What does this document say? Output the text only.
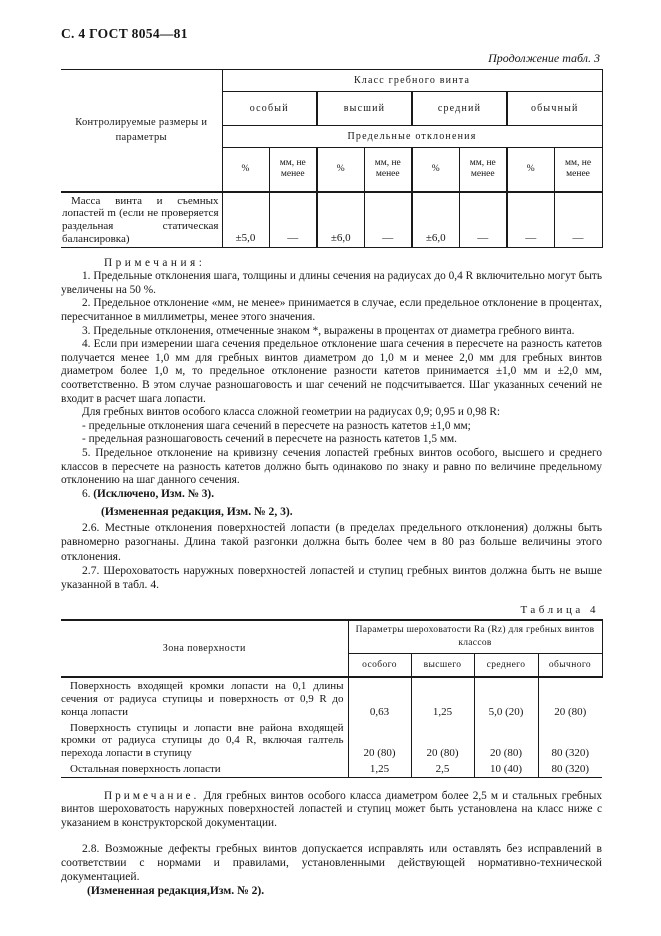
С. 4 ГОСТ 8054—81
Продолжение табл. 3
Контролируемые размеры и параметры	Класс гребного винта							
	особый		высший		средний		обычный	
	Предельные отклонения							
	%	мм, не менее	%	мм, не менее	%	мм, не менее	%	мм, не менее
Масса винта и съемных лопастей m (если не проверяется раздельная статическая балансировка)	±5,0	—	±6,0	—	±6,0	—	—	—
Примечания:

1. Предельные отклонения шага, толщины и длины сечения на радиусах до 0,4 R включительно могут быть увеличены на 50 %.

2. Предельное отклонение «мм, не менее» принимается в случае, если предельное отклонение в процентах, пересчитанное в миллиметры, менее этого значения.

3. Предельные отклонения, отмеченные знаком *, выражены в процентах от диаметра гребного винта.

4. Если при измерении шага сечения предельное отклонение шага сечения в пересчете на разность катетов получается менее 1,0 мм для гребных винтов диаметром до 1,0 м и менее 2,0 мм для гребных винтов диаметром более 1,0 м, то предельное отклонение разности катетов принимается ±1,0 мм и ±2,0 мм, соответственно. В этом случае разношаговость и шаг сечений не подсчитывается. Шаг указанных сечений не входит в расчет шага лопасти.

Для гребных винтов особого класса сложной геометрии на радиусах 0,9; 0,95 и 0,98 R:

- предельные отклонения шага сечений в пересчете на разность катетов ±1,0 мм;

- предельная разношаговость сечений в пересчете на разность катетов 1,5 мм.

5. Предельное отклонение на кривизну сечения лопастей гребных винтов особого, высшего и среднего классов в пересчете на разность катетов должно быть одинаково по знаку и равно по величине предельному отклонению на шаг данного сечения.

6. (Исключено, Изм. № 3).

(Измененная редакция, Изм. № 2, 3).

2.6. Местные отклонения поверхностей лопасти (в пределах предельного отклонения) должны быть равномерно разогнаны. Длина такой разгонки должна быть более чем в 80 раз больше величины этого отклонения.

2.7. Шероховатость наружных поверхностей лопастей и ступиц гребных винтов должна быть не выше указанной в табл. 4.

Таблица 4
Зона поверхности	Параметры шероховатости Ra (Rz) для гребных винтов классов			
	особого	высшего	среднего	обычного
Поверхность входящей кромки лопасти на 0,1 длины сечения от радиуса ступицы и поверхность от 0,9 R до конца лопасти	0,63	1,25	5,0 (20)	20 (80)
Поверхность ступицы и лопасти вне района входящей кромки от радиуса ступицы до 0,4 R, включая галтель перехода лопасти в ступицу	20 (80)	20 (80)	20 (80)	80 (320)
Остальная поверхность лопасти	1,25	2,5	10 (40)	80 (320)

Примечание. Для гребных винтов особого класса диаметром более 2,5 м и стальных гребных винтов шероховатость наружных поверхностей лопастей и ступиц может быть установлена на класс ниже с указанием в конструкторской документации.

2.8. Возможные дефекты гребных винтов допускается исправлять или оставлять без исправлений в соответствии с нормами и правилами, установленными действующей нормативно-технической документацией.

(Измененная редакция,Изм. № 2).
